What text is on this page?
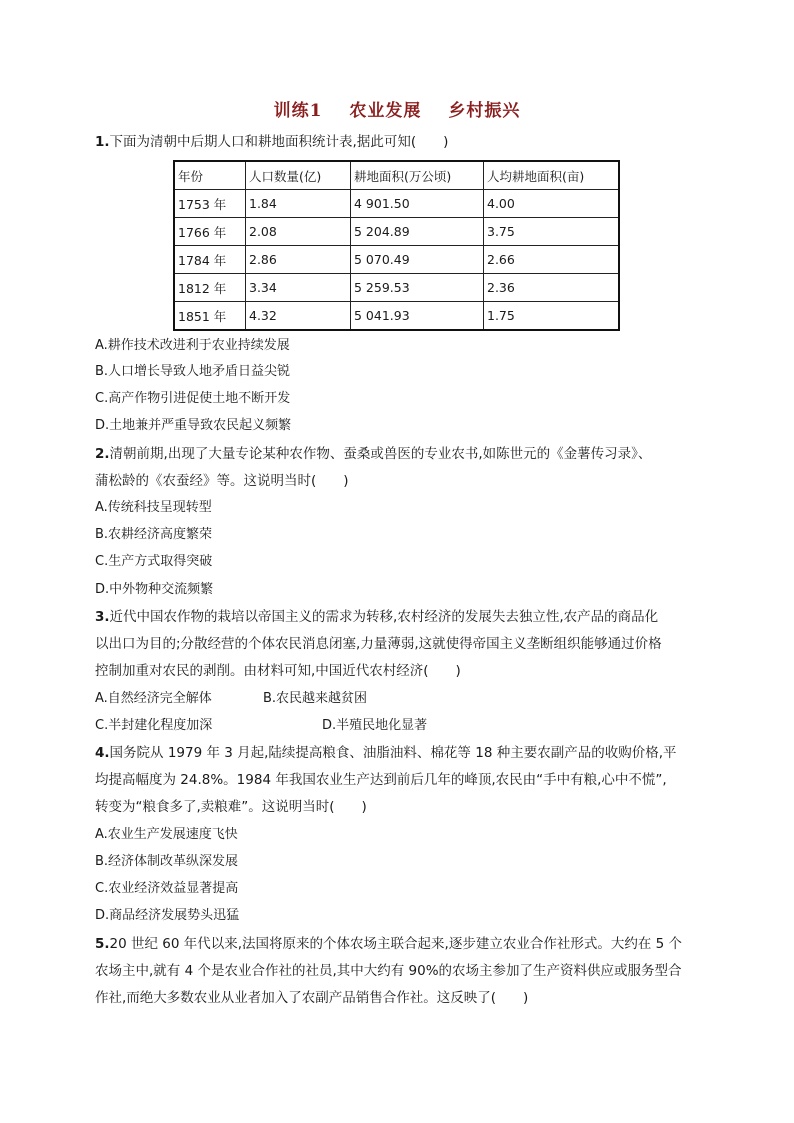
训练1 农业发展 乡村振兴
1.下面为清朝中后期人口和耕地面积统计表,据此可知(　　)
年份	人口数量(亿)	耕地面积(万公顷)	人均耕地面积(亩)
1753 年	1.84	4 901.50	4.00
1766 年	2.08	5 204.89	3.75
1784 年	2.86	5 070.49	2.66
1812 年	3.34	5 259.53	2.36
1851 年	4.32	5 041.93	1.75
A.耕作技术改进利于农业持续发展
B.人口增长导致人地矛盾日益尖锐
C.高产作物引进促使土地不断开发
D.土地兼并严重导致农民起义频繁
2.清朝前期,出现了大量专论某种农作物、蚕桑或兽医的专业农书,如陈世元的《金薯传习录》、
蒲松龄的《农蚕经》等。这说明当时(　　)
A.传统科技呈现转型
B.农耕经济高度繁荣
C.生产方式取得突破
D.中外物种交流频繁
3.近代中国农作物的栽培以帝国主义的需求为转移,农村经济的发展失去独立性,农产品的商品化
以出口为目的;分散经营的个体农民消息闭塞,力量薄弱,这就使得帝国主义垄断组织能够通过价格
控制加重对农民的剥削。由材料可知,中国近代农村经济(　　)
A.自然经济完全解体	B.农民越来越贫困
C.半封建化程度加深	D.半殖民地化显著
4.国务院从 1979 年 3 月起,陆续提高粮食、油脂油料、棉花等 18 种主要农副产品的收购价格,平
均提高幅度为 24.8%。1984 年我国农业生产达到前后几年的峰顶,农民由“手中有粮,心中不慌”,
转变为“粮食多了,卖粮难”。这说明当时(　　)
A.农业生产发展速度飞快
B.经济体制改革纵深发展
C.农业经济效益显著提高
D.商品经济发展势头迅猛
5.20 世纪 60 年代以来,法国将原来的个体农场主联合起来,逐步建立农业合作社形式。大约在 5 个
农场主中,就有 4 个是农业合作社的社员,其中大约有 90%的农场主参加了生产资料供应或服务型合
作社,而绝大多数农业从业者加入了农副产品销售合作社。这反映了(　　)
